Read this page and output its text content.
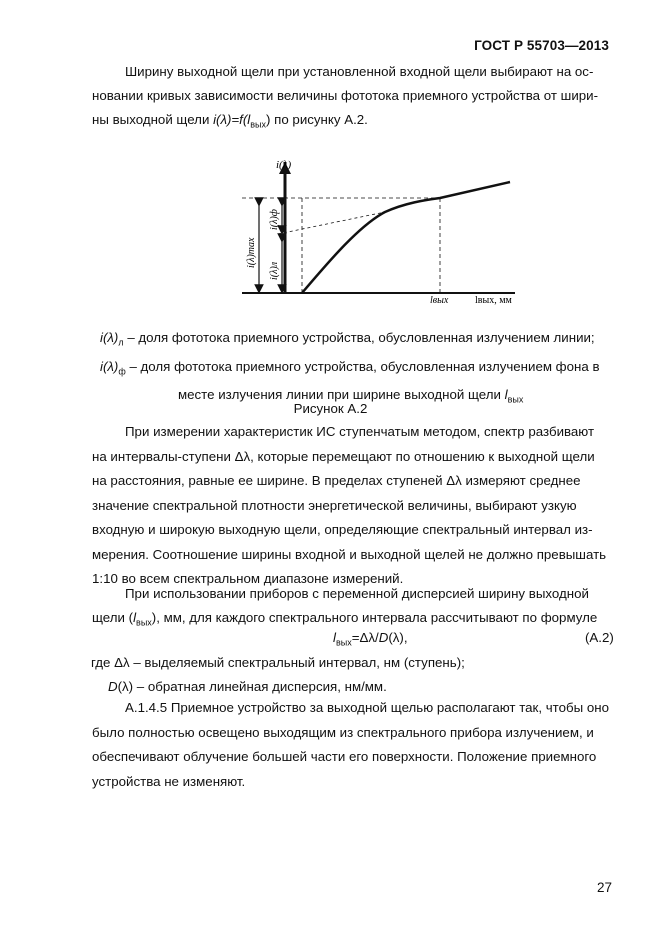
ГОСТ Р 55703—2013

Ширину выходной щели при установленной входной щели выбирают на ос-

новании кривых зависимости величины фототока приемного устройства от шири-

ны выходной щели $i(\lambda)=f(l_{вых})$ по рисунку А.2.

i(λ)
i(λ)max
i(λ)ф
i(λ)л
lвых	lвых, мм
$i(\lambda)_л$ – доля фототока приемного устройства, обусловленная излучением линии;
$i(\lambda)_ф$ – доля фототока приемного устройства, обусловленная излучением фона в
месте излучения линии при ширине выходной щели $l_{вых}$
Рисунок А.2

При измерении характеристик ИС ступенчатым методом, спектр разбивают

на интервалы-ступени Δλ, которые перемещают по отношению к выходной щели

на расстояния, равные ее ширине. В пределах ступеней Δλ измеряют среднее

значение спектральной плотности энергетической величины, выбирают узкую

входную и широкую выходную щели, определяющие спектральный интервал из-

мерения. Соотношение ширины входной и выходной щелей не должно превышать

1:10 во всем спектральном диапазоне измерений.

При использовании приборов с переменной дисперсией ширину выходной

щели $(l_{вых})$, мм, для каждого спектрального интервала рассчитывают по формуле

$l_{вых}=\Delta\lambda/D(\lambda)$,	(А.2)

где Δλ – выделяемый спектральный интервал, нм (ступень);

D(λ) – обратная линейная дисперсия, нм/мм.

А.1.4.5 Приемное устройство за выходной щелью располагают так, чтобы оно

было полностью освещено выходящим из спектрального прибора излучением, и

обеспечивают облучение большей части его поверхности. Положение приемного

устройства не изменяют.

27
